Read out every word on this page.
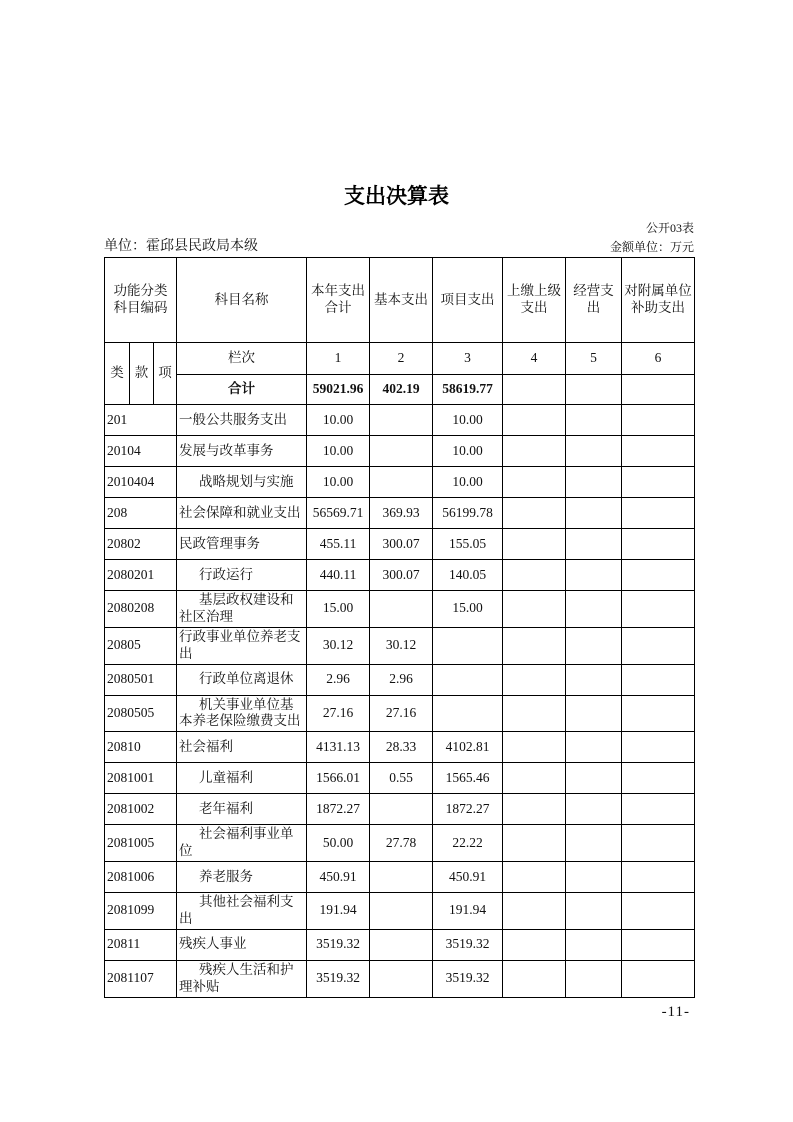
支出决算表
公开03表
单位：霍邱县民政局本级	金额单位：万元
功能分类科目编码			科目名称	本年支出合计	基本支出	项目支出	上缴上级支出	经营支出	对附属单位补助支出
类	款	项	栏次	1	2	3	4	5	6
			合计	59021.96	402.19	58619.77			
201			一般公共服务支出	10.00		10.00			
20104			发展与改革事务	10.00		10.00			
2010404			战略规划与实施	10.00		10.00			
208			社会保障和就业支出	56569.71	369.93	56199.78			
20802			民政管理事务	455.11	300.07	155.05			
2080201			行政运行	440.11	300.07	140.05			
2080208			基层政权建设和社区治理	15.00		15.00			
20805			行政事业单位养老支出	30.12	30.12				
2080501			行政单位离退休	2.96	2.96				
2080505			机关事业单位基本养老保险缴费支出	27.16	27.16				
20810			社会福利	4131.13	28.33	4102.81			
2081001			儿童福利	1566.01	0.55	1565.46			
2081002			老年福利	1872.27		1872.27			
2081005			社会福利事业单位	50.00	27.78	22.22			
2081006			养老服务	450.91		450.91			
2081099			其他社会福利支出	191.94		191.94			
20811			残疾人事业	3519.32		3519.32			
2081107			残疾人生活和护理补贴	3519.32		3519.32			
-11-
